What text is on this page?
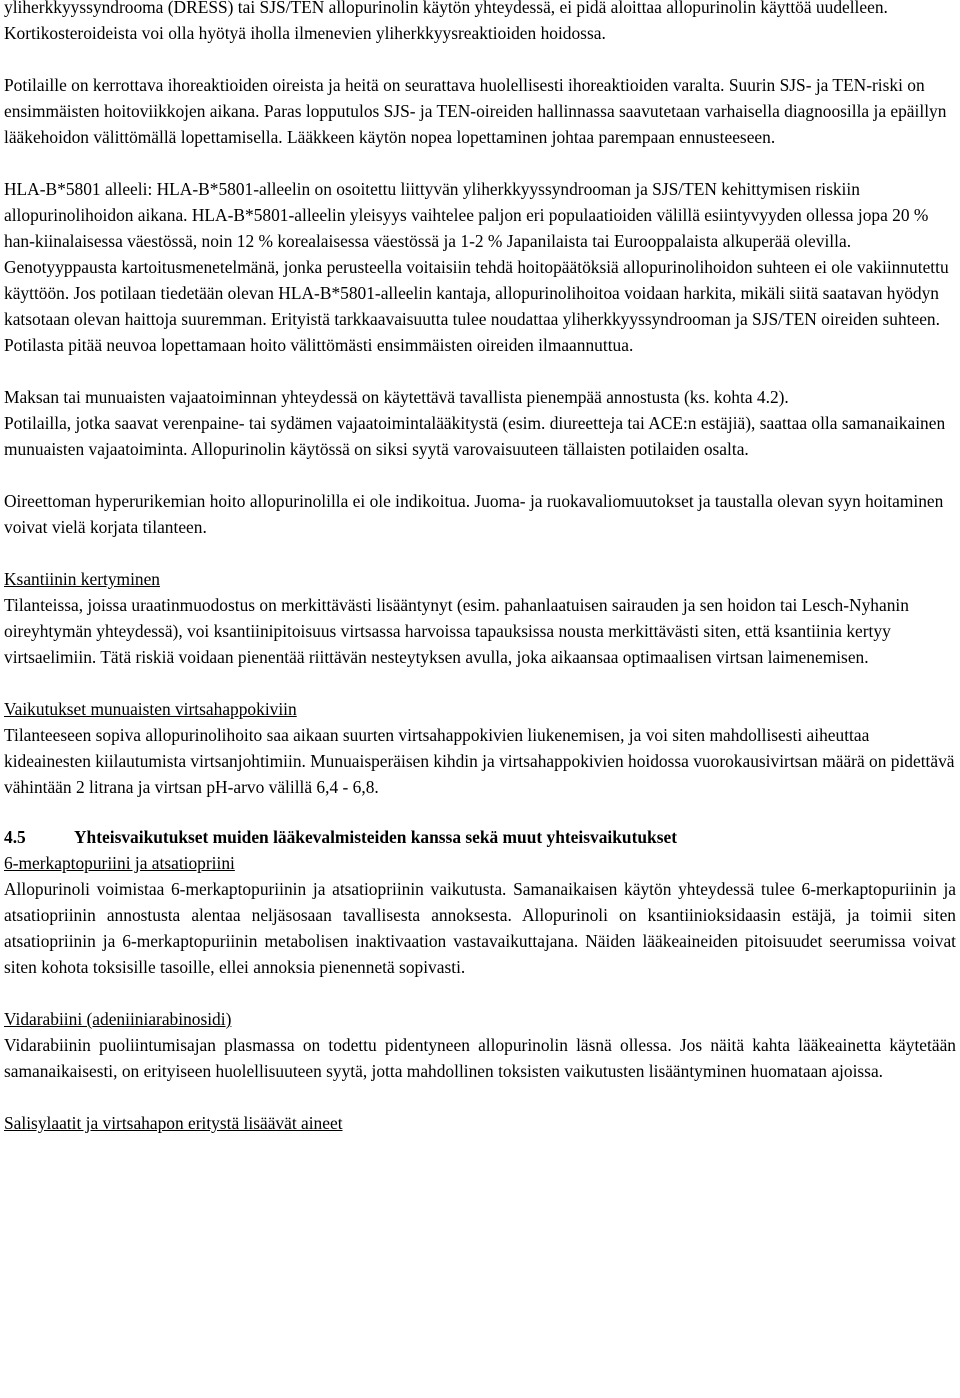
yliherkkyyssyndrooma (DRESS) tai SJS/TEN allopurinolin käytön yhteydessä, ei pidä aloittaa allopurinolin käyttöä uudelleen. Kortikosteroideista voi olla hyötyä iholla ilmenevien yliherkkyysreaktioiden hoidossa.

Potilaille on kerrottava ihoreaktioiden oireista ja heitä on seurattava huolellisesti ihoreaktioiden varalta. Suurin SJS- ja TEN-riski on ensimmäisten hoitoviikkojen aikana. Paras lopputulos SJS- ja TEN-oireiden hallinnassa saavutetaan varhaisella diagnoosilla ja epäillyn lääkehoidon välittömällä lopettamisella. Lääkkeen käytön nopea lopettaminen johtaa parempaan ennusteeseen.

HLA-B*5801 alleeli: HLA-B*5801-alleelin on osoitettu liittyvän yliherkkyyssyndrooman ja SJS/TEN kehittymisen riskiin allopurinolihoidon aikana. HLA-B*5801-alleelin yleisyys vaihtelee paljon eri populaatioiden välillä esiintyvyyden ollessa jopa 20 % han-kiinalaisessa väestössä, noin 12 % korealaisessa väestössä ja 1-2 % Japanilaista tai Eurooppalaista alkuperää olevilla. Genotyyppausta kartoitusmenetelmänä, jonka perusteella voitaisiin tehdä hoitopäätöksiä allopurinolihoidon suhteen ei ole vakiinnutettu käyttöön. Jos potilaan tiedetään olevan HLA-B*5801-alleelin kantaja, allopurinolihoitoa voidaan harkita, mikäli siitä saatavan hyödyn katsotaan olevan haittoja suuremman. Erityistä tarkkaavaisuutta tulee noudattaa yliherkkyyssyndrooman ja SJS/TEN oireiden suhteen. Potilasta pitää neuvoa lopettamaan hoito välittömästi ensimmäisten oireiden ilmaannuttua.

Maksan tai munuaisten vajaatoiminnan yhteydessä on käytettävä tavallista pienempää annostusta (ks. kohta 4.2).

Potilailla, jotka saavat verenpaine- tai sydämen vajaatoimintalääkitystä (esim. diureetteja tai ACE:n estäjiä), saattaa olla samanaikainen munuaisten vajaatoiminta. Allopurinolin käytössä on siksi syytä varovaisuuteen tällaisten potilaiden osalta.

Oireettoman hyperurikemian hoito allopurinolilla ei ole indikoitua. Juoma- ja ruokavaliomuutokset ja taustalla olevan syyn hoitaminen voivat vielä korjata tilanteen.

Ksantiinin kertyminen

Tilanteissa, joissa uraatinmuodostus on merkittävästi lisääntynyt (esim. pahanlaatuisen sairauden ja sen hoidon tai Lesch-Nyhanin oireyhtymän yhteydessä), voi ksantiinipitoisuus virtsassa harvoissa tapauksissa nousta merkittävästi siten, että ksantiinia kertyy virtsaelimiin. Tätä riskiä voidaan pienentää riittävän nesteytyksen avulla, joka aikaansaa optimaalisen virtsan laimenemisen.

Vaikutukset munuaisten virtsahappokiviin

Tilanteeseen sopiva allopurinolihoito saa aikaan suurten virtsahappokivien liukenemisen, ja voi siten mahdollisesti aiheuttaa kideainesten kiilautumista virtsanjohtimiin. Munuaisperäisen kihdin ja virtsahappokivien hoidossa vuorokausivirtsan määrä on pidettävä vähintään 2 litrana ja virtsan pH-arvo välillä 6,4 - 6,8.

4.5	Yhteisvaikutukset muiden lääkevalmisteiden kanssa sekä muut yhteisvaikutukset

6-merkaptopuriini ja atsatiopriini

Allopurinoli voimistaa 6-merkaptopuriinin ja atsatiopriinin vaikutusta. Samanaikaisen käytön yhteydessä tulee 6-merkaptopuriinin ja atsatiopriinin annostusta alentaa neljäsosaan tavallisesta annoksesta. Allopurinoli on ksantiinioksidaasin estäjä, ja toimii siten atsatiopriinin ja 6-merkaptopuriinin metabolisen inaktivaation vastavaikuttajana. Näiden lääkeaineiden pitoisuudet seerumissa voivat siten kohota toksisille tasoille, ellei annoksia pienennetä sopivasti.

Vidarabiini (adeniiniarabinosidi)

Vidarabiinin puoliintumisajan plasmassa on todettu pidentyneen allopurinolin läsnä ollessa. Jos näitä kahta lääkeainetta käytetään samanaikaisesti, on erityiseen huolellisuuteen syytä, jotta mahdollinen toksisten vaikutusten lisääntyminen huomataan ajoissa.

Salisylaatit ja virtsahapon eritystä lisäävät aineet
